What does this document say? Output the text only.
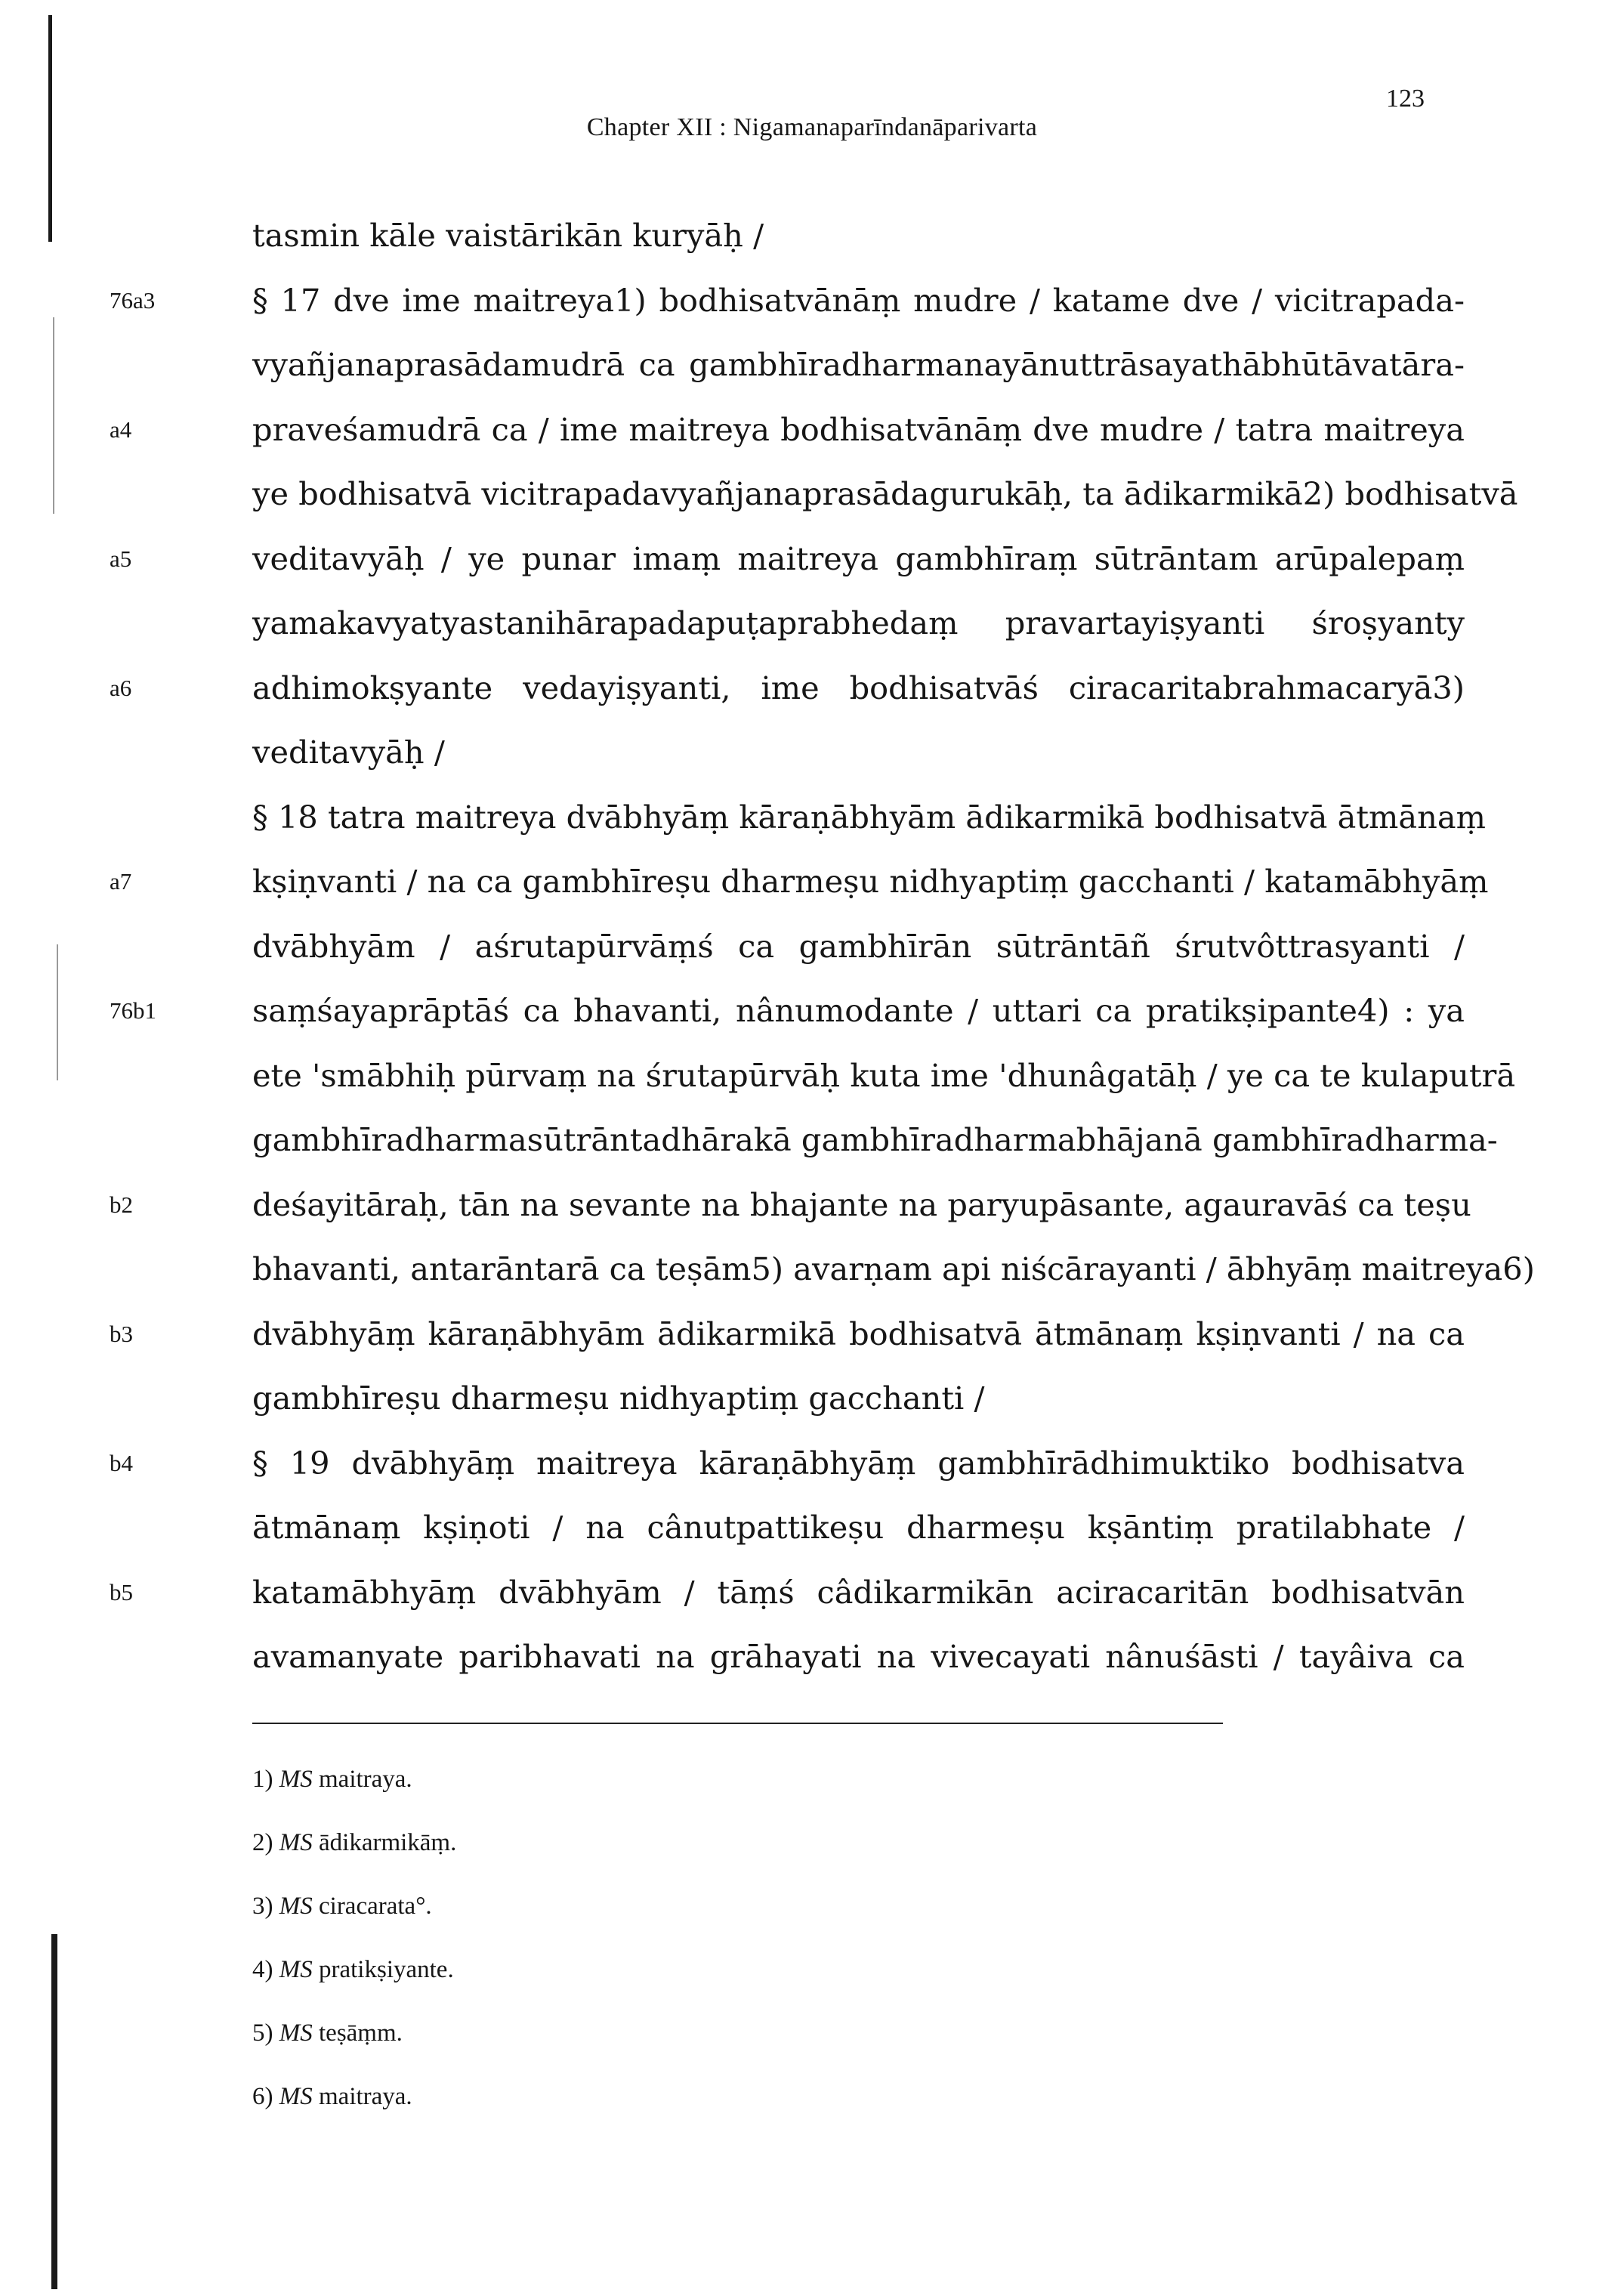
Chapter XII : Nigamanaparīndanāparivarta
123
tasmin kāle vaistārikān kuryāḥ /
76a3	§ 17 dve ime maitreya1) bodhisatvānāṃ mudre / katame dve / vicitrapada-
vyañjanaprasādamudrā ca gambhīradharmanayānuttrāsayathābhūtāvatāra-
a4	praveśamudrā ca / ime maitreya bodhisatvānāṃ dve mudre / tatra maitreya
ye bodhisatvā vicitrapadavyañjanaprasādagurukāḥ, ta ādikarmikā2) bodhisatvā
a5	veditavyāḥ / ye punar imaṃ maitreya gambhīraṃ sūtrāntam arūpalepaṃ
yamakavyatyastanihārapadapuṭaprabhedaṃ pravartayiṣyanti śroṣyanty
a6	adhimokṣyante vedayiṣyanti, ime bodhisatvāś ciracaritabrahmacaryā3)
veditavyāḥ /
§ 18 tatra maitreya dvābhyāṃ kāraṇābhyām ādikarmikā bodhisatvā ātmānaṃ
a7	kṣiṇvanti / na ca gambhīreṣu dharmeṣu nidhyaptiṃ gacchanti / katamābhyāṃ
dvābhyām / aśrutapūrvāṃś ca gambhīrān sūtrāntāñ śrutvôttrasyanti /
76b1	saṃśayaprāptāś ca bhavanti, nânumodante / uttari ca pratikṣipante4) : ya
ete 'smābhiḥ pūrvaṃ na śrutapūrvāḥ kuta ime 'dhunâgatāḥ / ye ca te kulaputrā
gambhīradharmasūtrāntadhārakā gambhīradharmabhājanā gambhīradharma-
b2	deśayitāraḥ, tān na sevante na bhajante na paryupāsante, agauravāś ca teṣu
bhavanti, antarāntarā ca teṣām5) avarṇam api niścārayanti / ābhyāṃ maitreya6)
b3	dvābhyāṃ kāraṇābhyām ādikarmikā bodhisatvā ātmānaṃ kṣiṇvanti / na ca
gambhīreṣu dharmeṣu nidhyaptiṃ gacchanti /
b4	§ 19 dvābhyāṃ maitreya kāraṇābhyāṃ gambhīrādhimuktiko bodhisatva
ātmānaṃ kṣiṇoti / na cânutpattikeṣu dharmeṣu kṣāntiṃ pratilabhate /
b5	katamābhyāṃ dvābhyām / tāṃś câdikarmikān aciracaritān bodhisatvān
avamanyate paribhavati na grāhayati na vivecayati nânuśāsti / tayâiva ca
1) MS maitraya.
2) MS ādikarmikāṃ.
3) MS ciracarata°.
4) MS pratikṣiyante.
5) MS teṣāṃm.
6) MS maitraya.
